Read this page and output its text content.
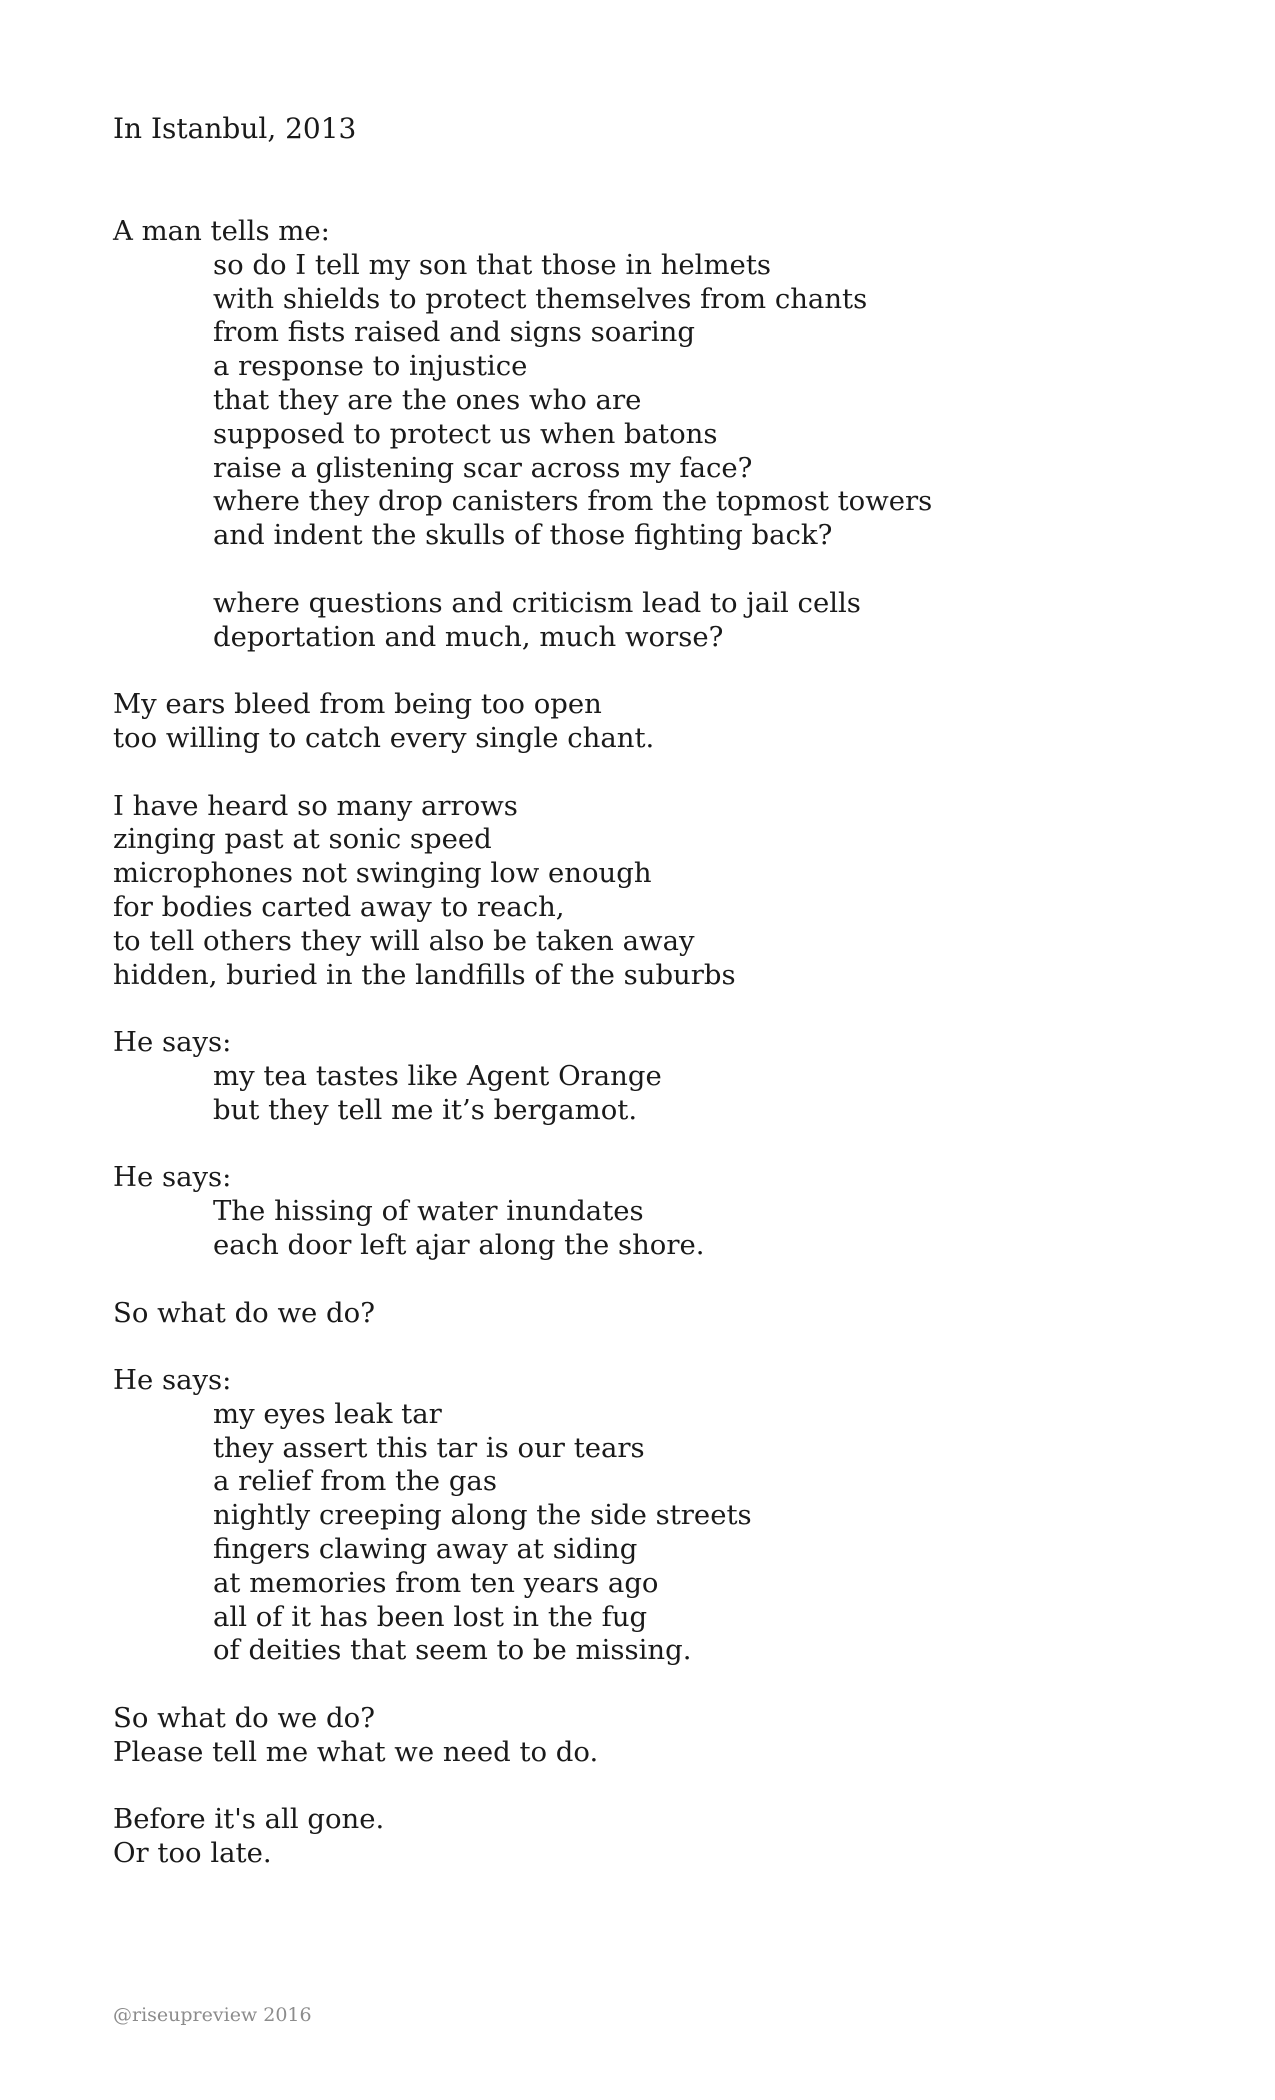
In Istanbul, 2013

A man tells me:
so do I tell my son that those in helmets
with shields to protect themselves from chants
from fists raised and signs soaring
a response to injustice
that they are the ones who are
supposed to protect us when batons
raise a glistening scar across my face?
where they drop canisters from the topmost towers
and indent the skulls of those fighting back?

where questions and criticism lead to jail cells
deportation and much, much worse?

My ears bleed from being too open
too willing to catch every single chant.

I have heard so many arrows
zinging past at sonic speed
microphones not swinging low enough
for bodies carted away to reach,
to tell others they will also be taken away
hidden, buried in the landfills of the suburbs

He says:
my tea tastes like Agent Orange
but they tell me it’s bergamot.

He says:
The hissing of water inundates
each door left ajar along the shore.

So what do we do?

He says:
my eyes leak tar
they assert this tar is our tears
a relief from the gas
nightly creeping along the side streets
fingers clawing away at siding
at memories from ten years ago
all of it has been lost in the fug
of deities that seem to be missing.

So what do we do?
Please tell me what we need to do.

Before it's all gone.
Or too late.

@riseupreview 2016
